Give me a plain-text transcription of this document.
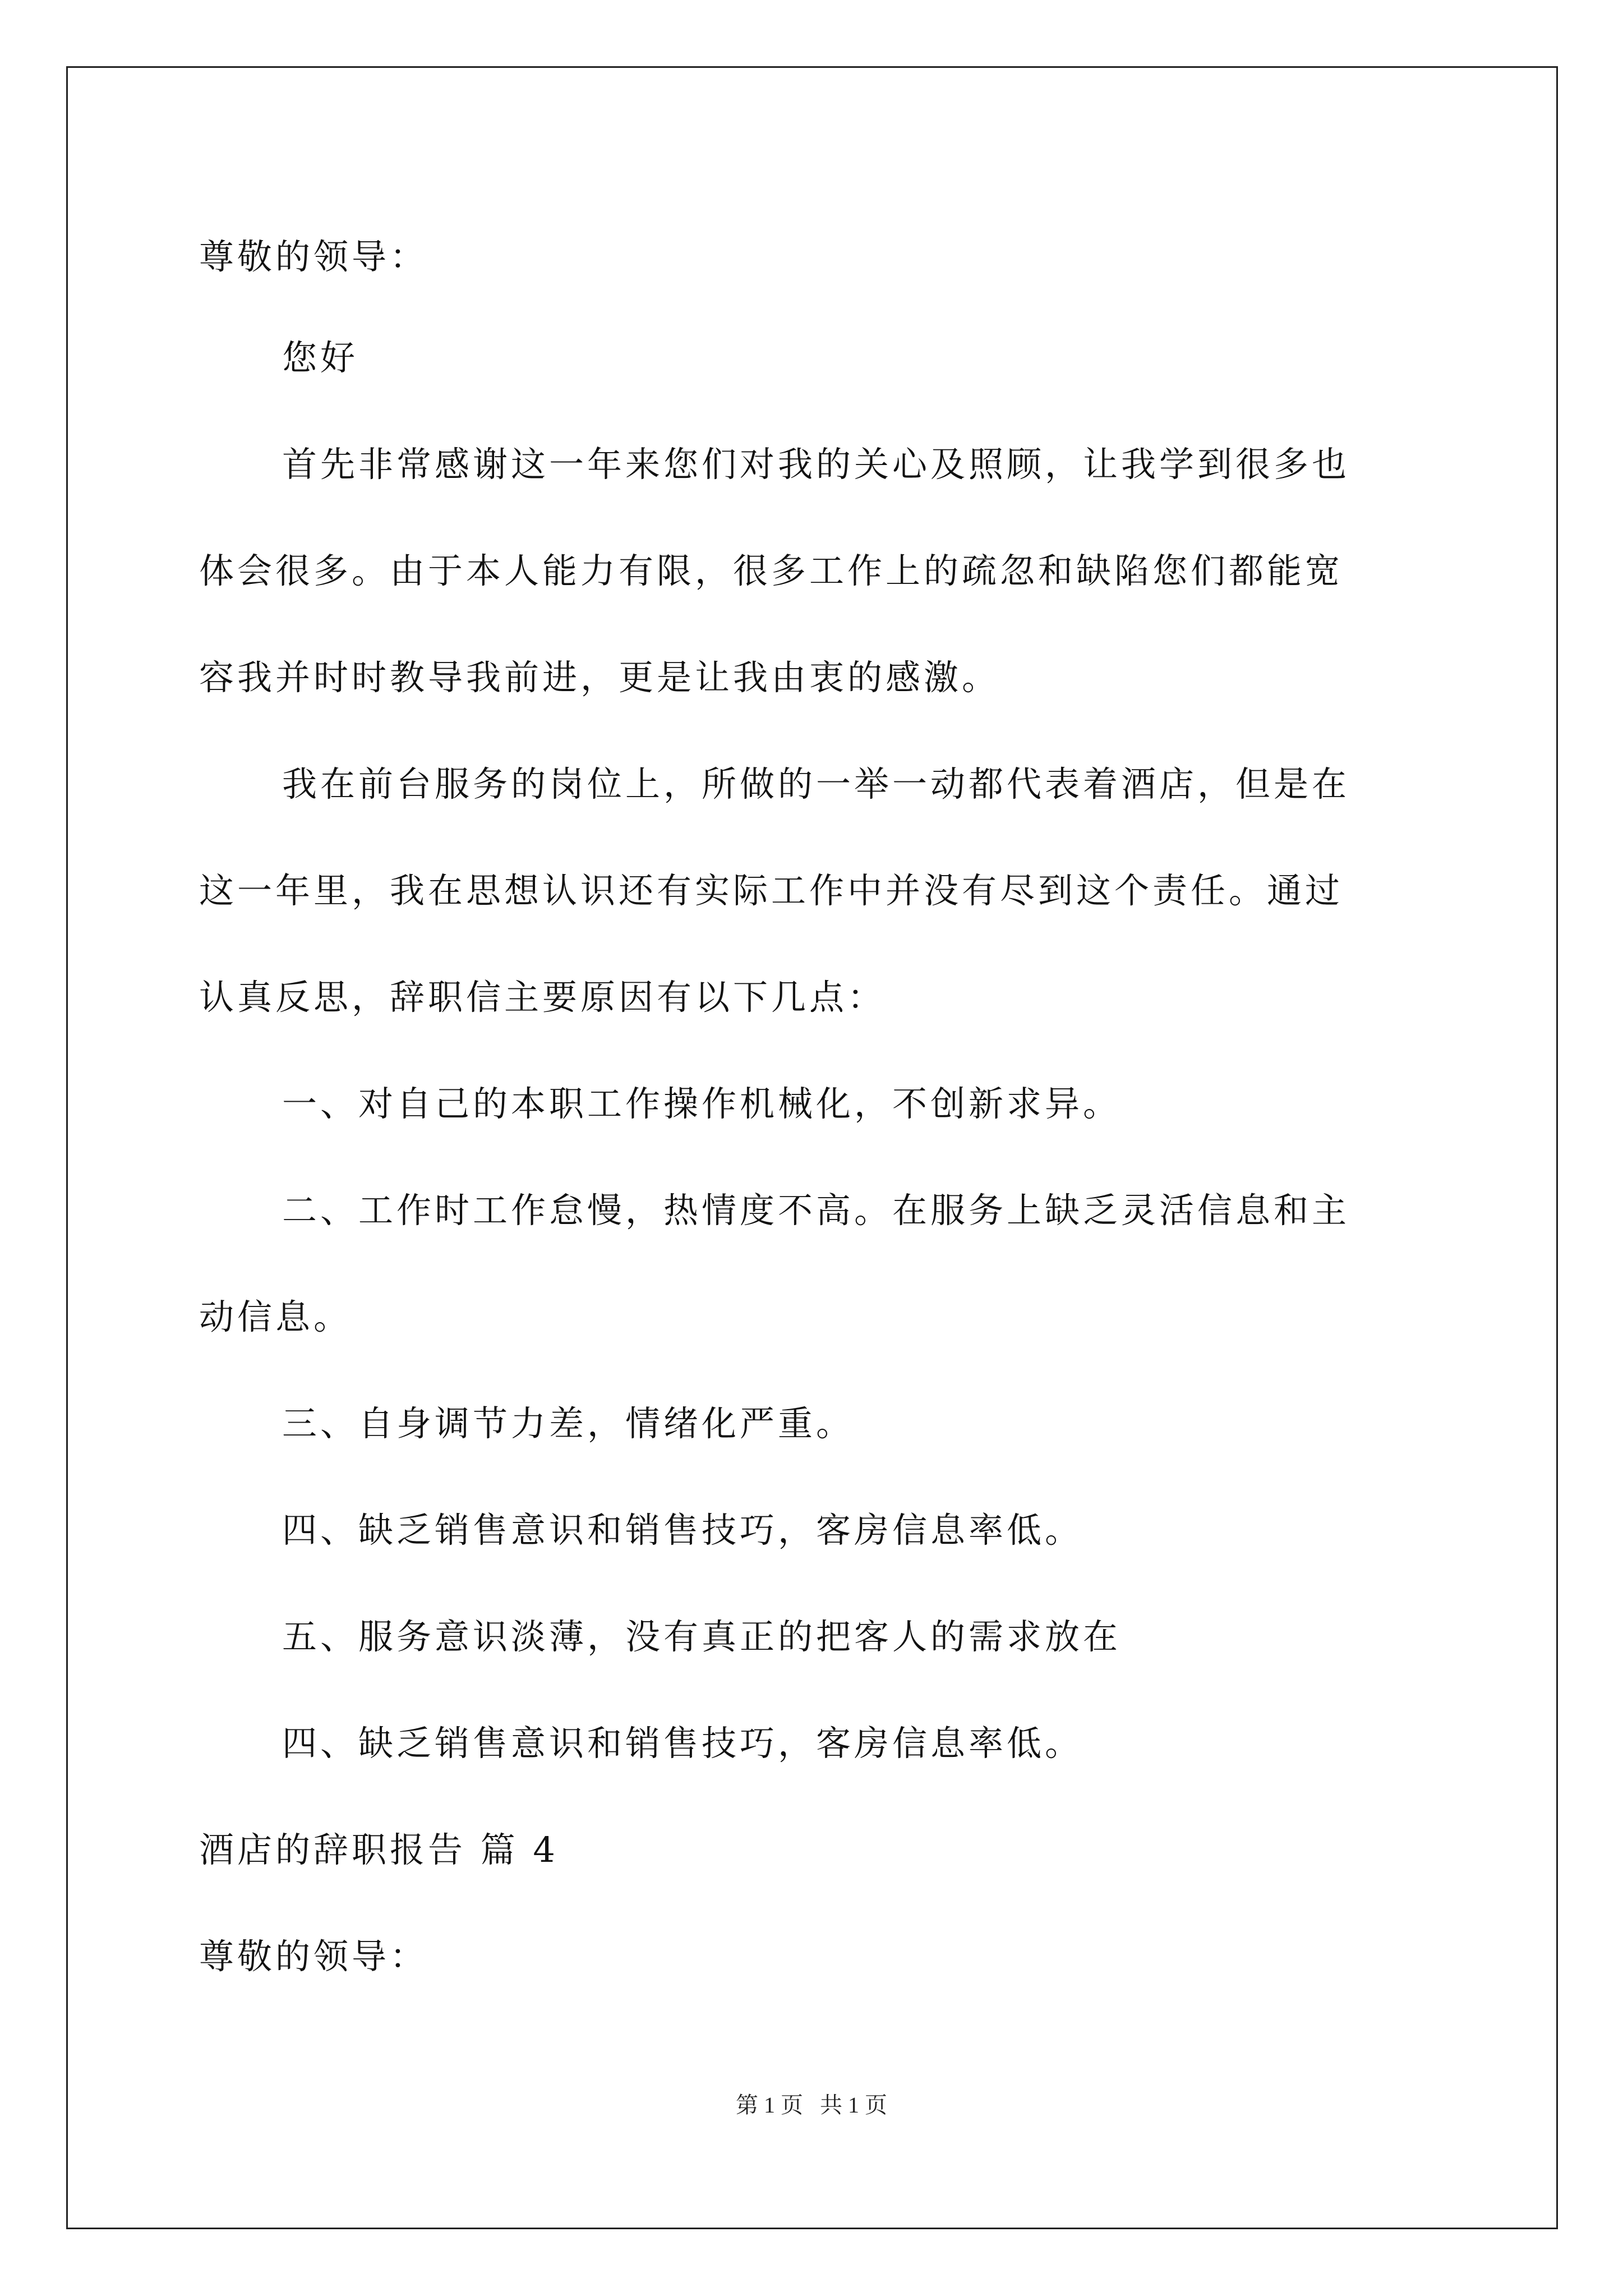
尊敬的领导：
您好
首先非常感谢这一年来您们对我的关心及照顾，让我学到很多也
体会很多。由于本人能力有限，很多工作上的疏忽和缺陷您们都能宽
容我并时时教导我前进，更是让我由衷的感激。
我在前台服务的岗位上，所做的一举一动都代表着酒店，但是在
这一年里，我在思想认识还有实际工作中并没有尽到这个责任。通过
认真反思，辞职信主要原因有以下几点：
一、对自己的本职工作操作机械化，不创新求异。
二、工作时工作怠慢，热情度不高。在服务上缺乏灵活信息和主
动信息。
三、自身调节力差，情绪化严重。
四、缺乏销售意识和销售技巧，客房信息率低。
五、服务意识淡薄，没有真正的把客人的需求放在
四、缺乏销售意识和销售技巧，客房信息率低。
酒店的辞职报告 篇 4
尊敬的领导：
第 1 页 共 1 页
